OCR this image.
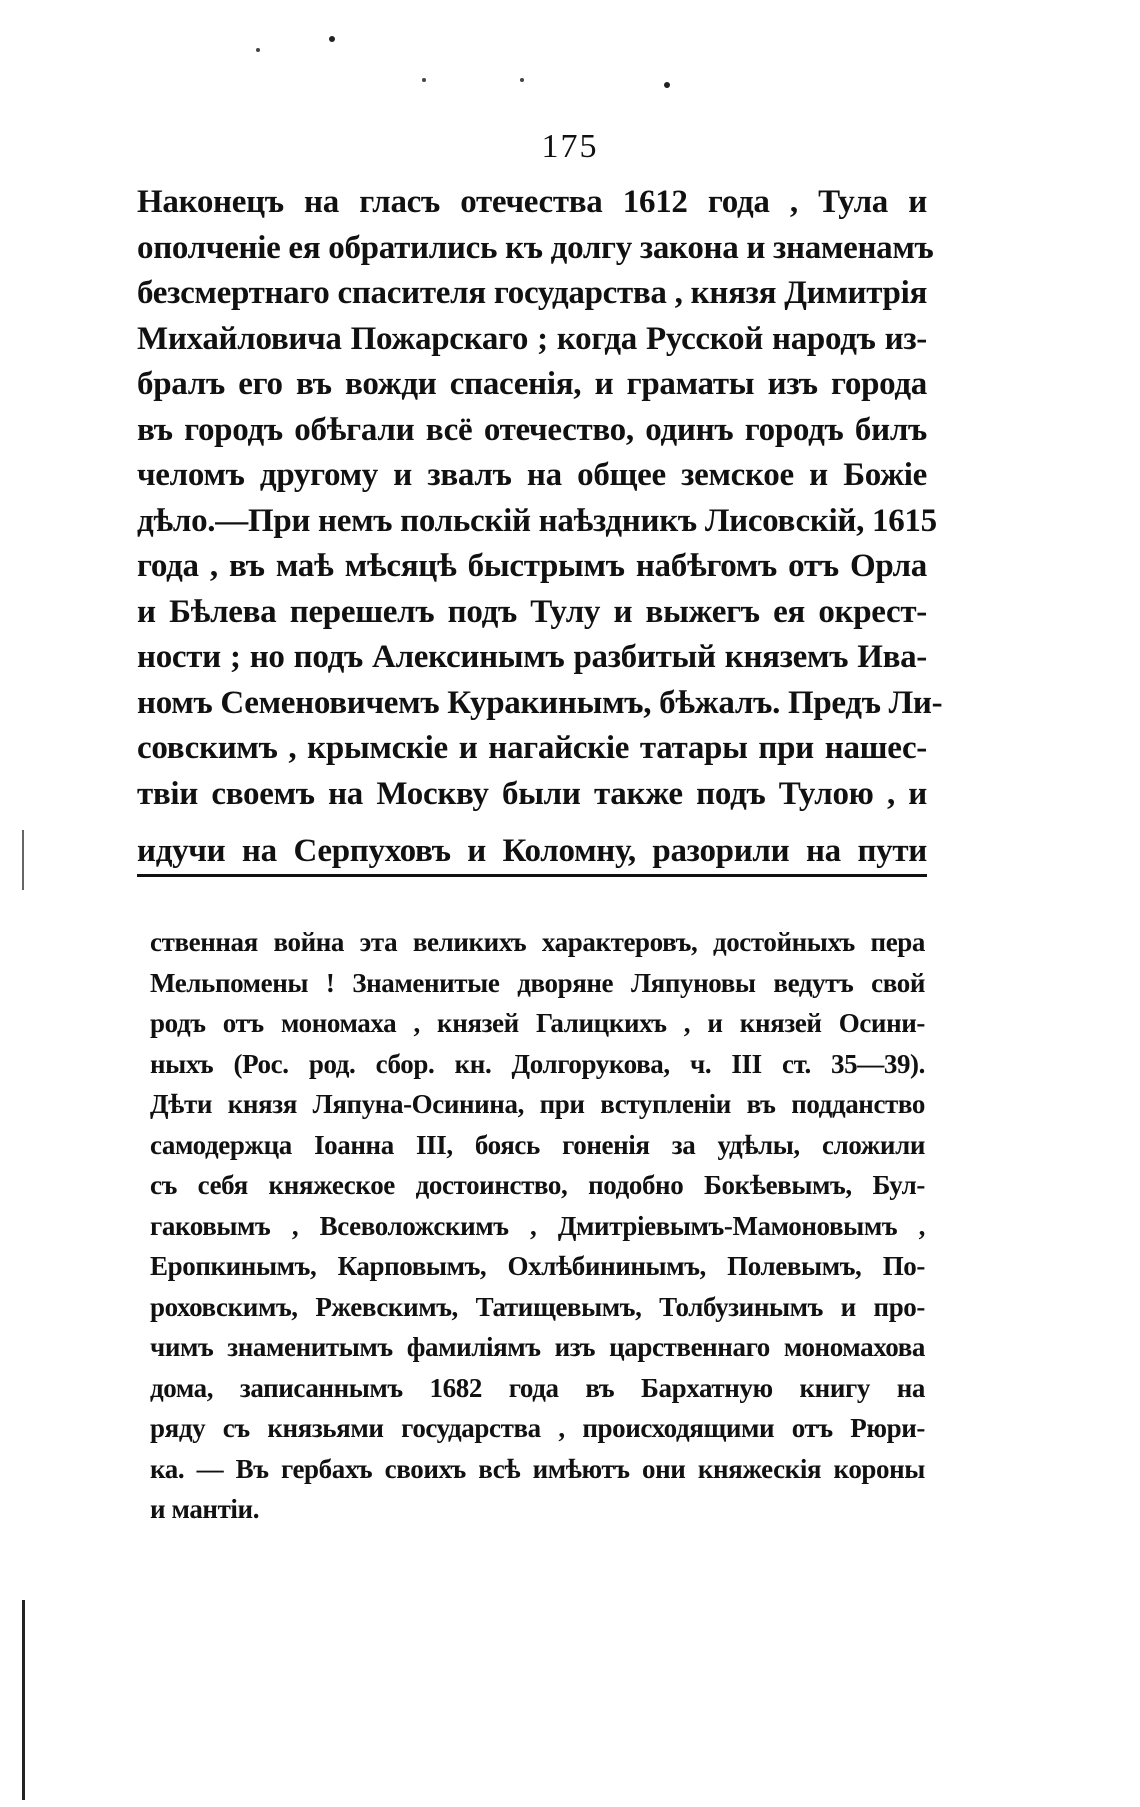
175
Наконецъ на гласъ отечества 1612 года , Тула и
ополченіе ея обратились къ долгу закона и знаменамъ
безсмертнаго спасителя государства , князя Димитрія
Михайловича Пожарскаго ; когда Русской народъ из-
бралъ его въ вожди спасенія, и граматы изъ города
въ городъ обѣгали всё отечество, одинъ городъ билъ
челомъ другому и звалъ на общее земское и Божіе
дѣло.—При немъ польскій наѣздникъ Лисовскій, 1615
года , въ маѣ мѣсяцѣ быстрымъ набѣгомъ отъ Орла
и Бѣлева перешелъ подъ Тулу и выжегъ ея окрест-
ности ; но подъ Алексинымъ разбитый княземъ Ива-
номъ Семеновичемъ Куракинымъ, бѣжалъ. Предъ Ли-
совскимъ , крымскіе и нагайскіе татары при нашес-
твіи своемъ на Москву были также подъ Тулою , и
идучи на Серпуховъ и Коломну, разорили на пути
ственная война эта великихъ характеровъ, достойныхъ пера
Мельпомены ! Знаменитые дворяне Ляпуновы ведутъ свой
родъ отъ мономаха , князей Галицкихъ , и князей Осини-
ныхъ (Рос. род. сбор. кн. Долгорукова, ч. III ст. 35—39).
Дѣти князя Ляпуна-Осинина, при вступленіи въ подданство
самодержца Іоанна III, боясь гоненія за удѣлы, сложили
съ себя княжеское достоинство, подобно Бокѣевымъ, Бул-
гаковымъ , Всеволожскимъ , Дмитріевымъ-Мамоновымъ ,
Еропкинымъ, Карповымъ, Охлѣбининымъ, Полевымъ, По-
роховскимъ, Ржевскимъ, Татищевымъ, Толбузинымъ и про-
чимъ знаменитымъ фамиліямъ изъ царственнаго мономахова
дома, записаннымъ 1682 года въ Бархатную книгу на
ряду съ князьями государства , происходящими отъ Рюри-
ка. — Въ гербахъ своихъ всѣ имѣютъ они княжескія короны
и мантіи.
